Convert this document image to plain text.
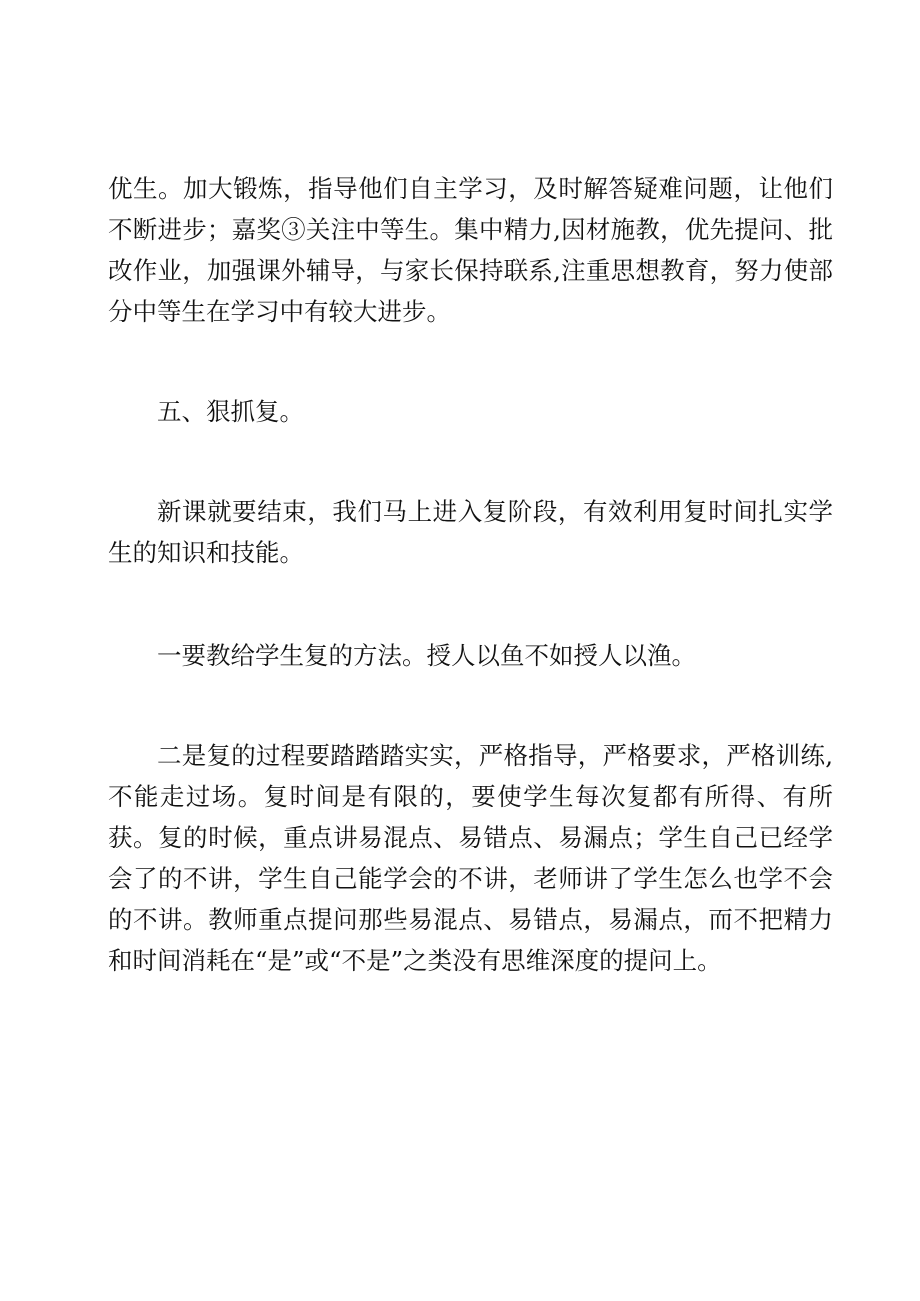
优生。加大锻炼，指导他们自主学习，及时解答疑难问题，让他们不断进步；嘉奖③关注中等生。集中精力,因材施教，优先提问、批改作业，加强课外辅导，与家长保持联系,注重思想教育，努力使部分中等生在学习中有较大进步。

五、狠抓复。

新课就要结束，我们马上进入复阶段，有效利用复时间扎实学生的知识和技能。

一要教给学生复的方法。授人以鱼不如授人以渔。

二是复的过程要踏踏踏实实，严格指导，严格要求，严格训练,不能走过场。复时间是有限的，要使学生每次复都有所得、有所获。复的时候，重点讲易混点、易错点、易漏点；学生自己已经学会了的不讲，学生自己能学会的不讲，老师讲了学生怎么也学不会的不讲。教师重点提问那些易混点、易错点，易漏点，而不把精力和时间消耗在“是”或“不是”之类没有思维深度的提问上。
